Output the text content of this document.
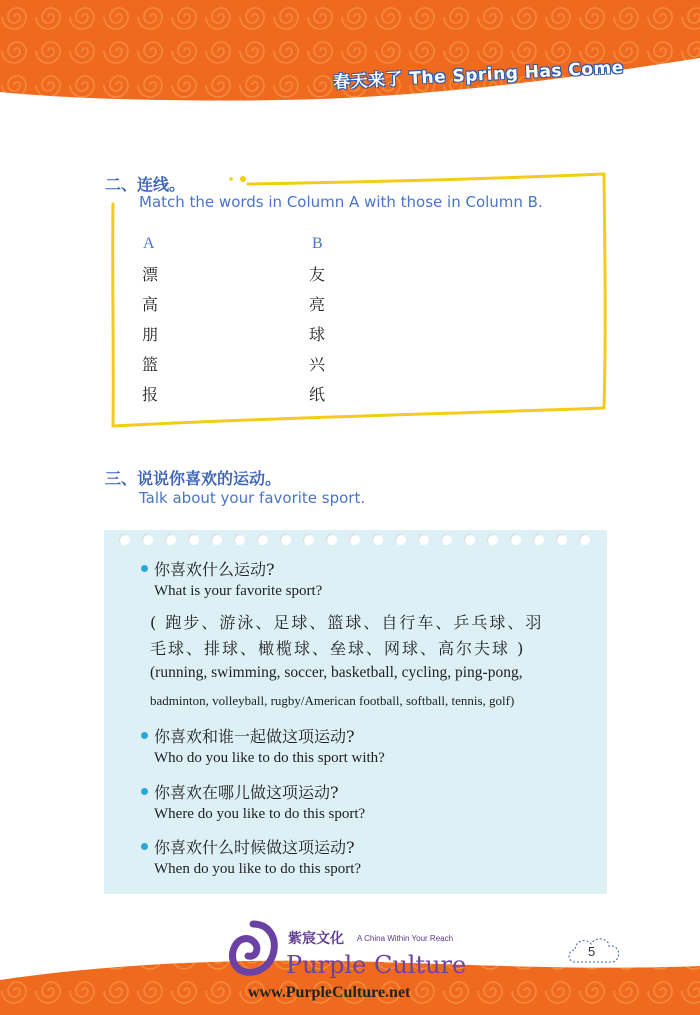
春天来了 The Spring Has Come
二、连线。
Match the words in Column A with those in Column B.
A	B
漂
高
朋
篮
报
友
亮
球
兴
纸
三、说说你喜欢的运动。
Talk about your favorite sport.
你喜欢什么运动?
What is your favorite sport?
( 跑步、游泳、足球、篮球、自行车、乒乓球、羽
毛球、排球、橄榄球、垒球、网球、高尔夫球 )
(running, swimming, soccer, basketball, cycling, ping-pong,
badminton, volleyball, rugby/American football, softball, tennis, golf)
你喜欢和谁一起做这项运动?
Who do you like to do this sport with?
你喜欢在哪儿做这项运动?
Where do you like to do this sport?
你喜欢什么时候做这项运动?
When do you like to do this sport?
5
紫宸文化 A China Within Your Reach
Purple Culture
www.PurpleCulture.net
